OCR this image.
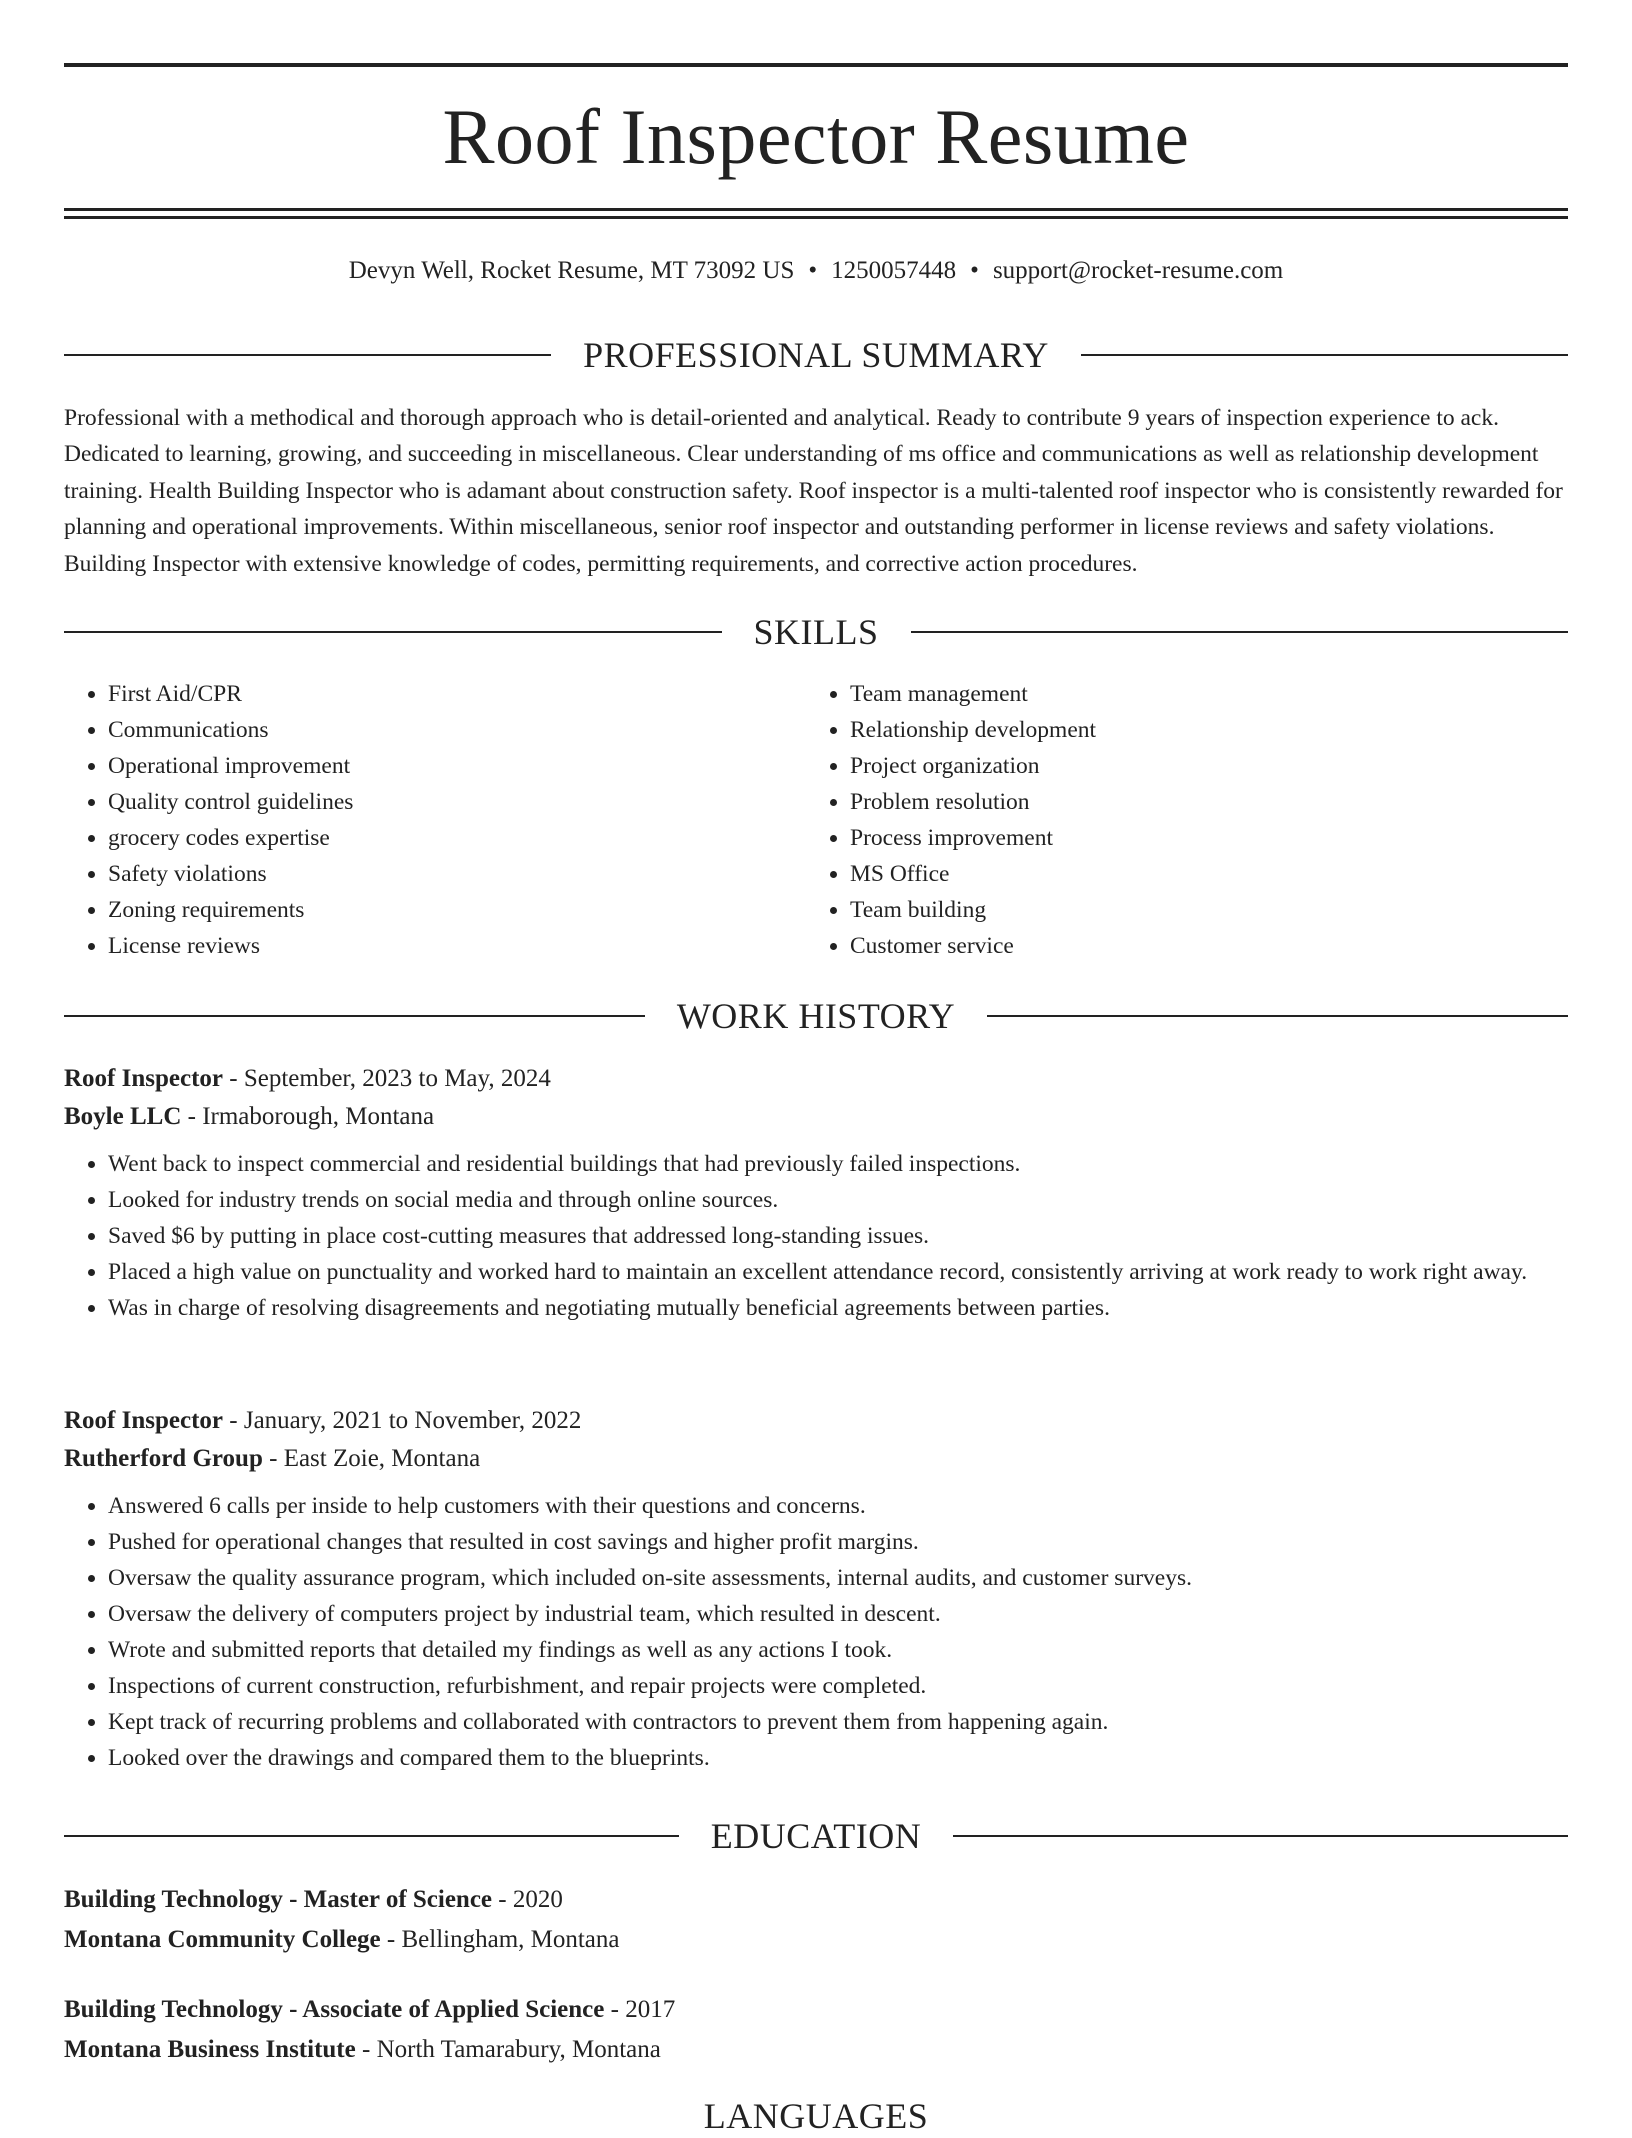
Roof Inspector Resume
Devyn Well, Rocket Resume, MT 73092 US • 1250057448 • support@rocket-resume.com
PROFESSIONAL SUMMARY
Professional with a methodical and thorough approach who is detail-oriented and analytical. Ready to contribute 9 years of inspection experience to ack. Dedicated to learning, growing, and succeeding in miscellaneous. Clear understanding of ms office and communications as well as relationship development training. Health Building Inspector who is adamant about construction safety. Roof inspector is a multi-talented roof inspector who is consistently rewarded for planning and operational improvements. Within miscellaneous, senior roof inspector and outstanding performer in license reviews and safety violations. Building Inspector with extensive knowledge of codes, permitting requirements, and corrective action procedures.
SKILLS
• First Aid/CPR
• Communications
• Operational improvement
• Quality control guidelines
• grocery codes expertise
• Safety violations
• Zoning requirements
• License reviews
• Team management
• Relationship development
• Project organization
• Problem resolution
• Process improvement
• MS Office
• Team building
• Customer service
WORK HISTORY
Roof Inspector - September, 2023 to May, 2024
Boyle LLC - Irmaborough, Montana
• Went back to inspect commercial and residential buildings that had previously failed inspections.
• Looked for industry trends on social media and through online sources.
• Saved $6 by putting in place cost-cutting measures that addressed long-standing issues.
• Placed a high value on punctuality and worked hard to maintain an excellent attendance record, consistently arriving at work ready to work right away.
• Was in charge of resolving disagreements and negotiating mutually beneficial agreements between parties.
Roof Inspector - January, 2021 to November, 2022
Rutherford Group - East Zoie, Montana
• Answered 6 calls per inside to help customers with their questions and concerns.
• Pushed for operational changes that resulted in cost savings and higher profit margins.
• Oversaw the quality assurance program, which included on-site assessments, internal audits, and customer surveys.
• Oversaw the delivery of computers project by industrial team, which resulted in descent.
• Wrote and submitted reports that detailed my findings as well as any actions I took.
• Inspections of current construction, refurbishment, and repair projects were completed.
• Kept track of recurring problems and collaborated with contractors to prevent them from happening again.
• Looked over the drawings and compared them to the blueprints.
EDUCATION
Building Technology - Master of Science - 2020
Montana Community College - Bellingham, Montana
Building Technology - Associate of Applied Science - 2017
Montana Business Institute - North Tamarabury, Montana
LANGUAGES
